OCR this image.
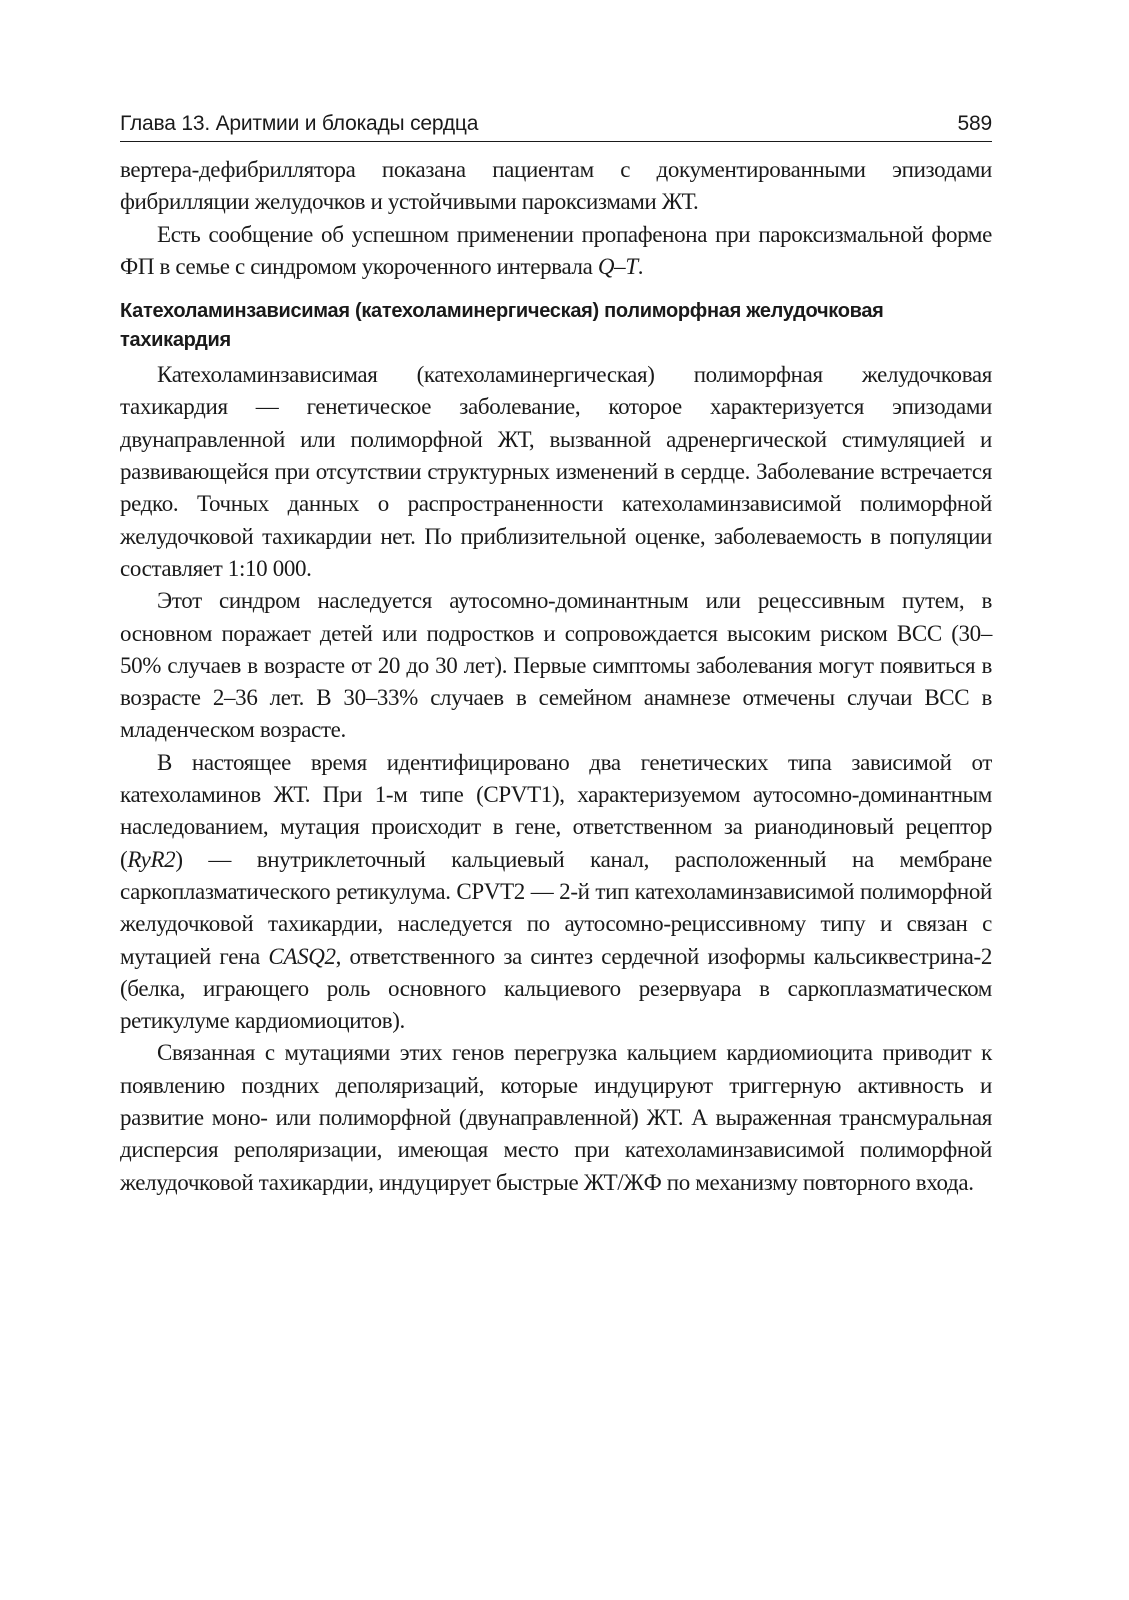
Глава 13. Аритмии и блокады сердца	589

вертера-дефибриллятора показана пациентам с документированными эпизодами фибрилляции желудочков и устойчивыми пароксизмами ЖТ.

Есть сообщение об успешном применении пропафенона при пароксизмальной форме ФП в семье с синдромом укороченного интервала Q–T.

Катехоламинзависимая (катехоламинергическая) полиморфная желудочковая тахикардия

Катехоламинзависимая (катехоламинергическая) полиморфная желудочковая тахикардия — генетическое заболевание, которое характеризуется эпизодами двунаправленной или полиморфной ЖТ, вызванной адренергической стимуляцией и развивающейся при отсутствии структурных изменений в сердце. Заболевание встречается редко. Точных данных о распространенности катехоламинзависимой полиморфной желудочковой тахикардии нет. По приблизительной оценке, заболеваемость в популяции составляет 1:10 000.

Этот синдром наследуется аутосомно-доминантным или рецессивным путем, в основном поражает детей или подростков и сопровождается высоким риском ВСС (30–50% случаев в возрасте от 20 до 30 лет). Первые симптомы заболевания могут появиться в возрасте 2–36 лет. В 30–33% случаев в семейном анамнезе отмечены случаи ВСС в младенческом возрасте.

В настоящее время идентифицировано два генетических типа зависимой от катехоламинов ЖТ. При 1-м типе (CPVT1), характеризуемом аутосомно-доминантным наследованием, мутация происходит в гене, ответственном за рианодиновый рецептор (RyR2) — внутриклеточный кальциевый канал, расположенный на мембране саркоплазматического ретикулума. CPVT2 — 2-й тип катехоламинзависимой полиморфной желудочковой тахикардии, наследуется по аутосомно-рециссивному типу и связан с мутацией гена CASQ2, ответственного за синтез сердечной изоформы кальсиквестрина-2 (белка, играющего роль основного кальциевого резервуара в саркоплазматическом ретикулуме кардиомиоцитов).

Связанная с мутациями этих генов перегрузка кальцием кардиомиоцита приводит к появлению поздних деполяризаций, которые индуцируют триггерную активность и развитие моно- или полиморфной (двунаправленной) ЖТ. А выраженная трансмуральная дисперсия реполяризации, имеющая место при катехоламинзависимой полиморфной желудочковой тахикардии, индуцирует быстрые ЖТ/ЖФ по механизму повторного входа.
